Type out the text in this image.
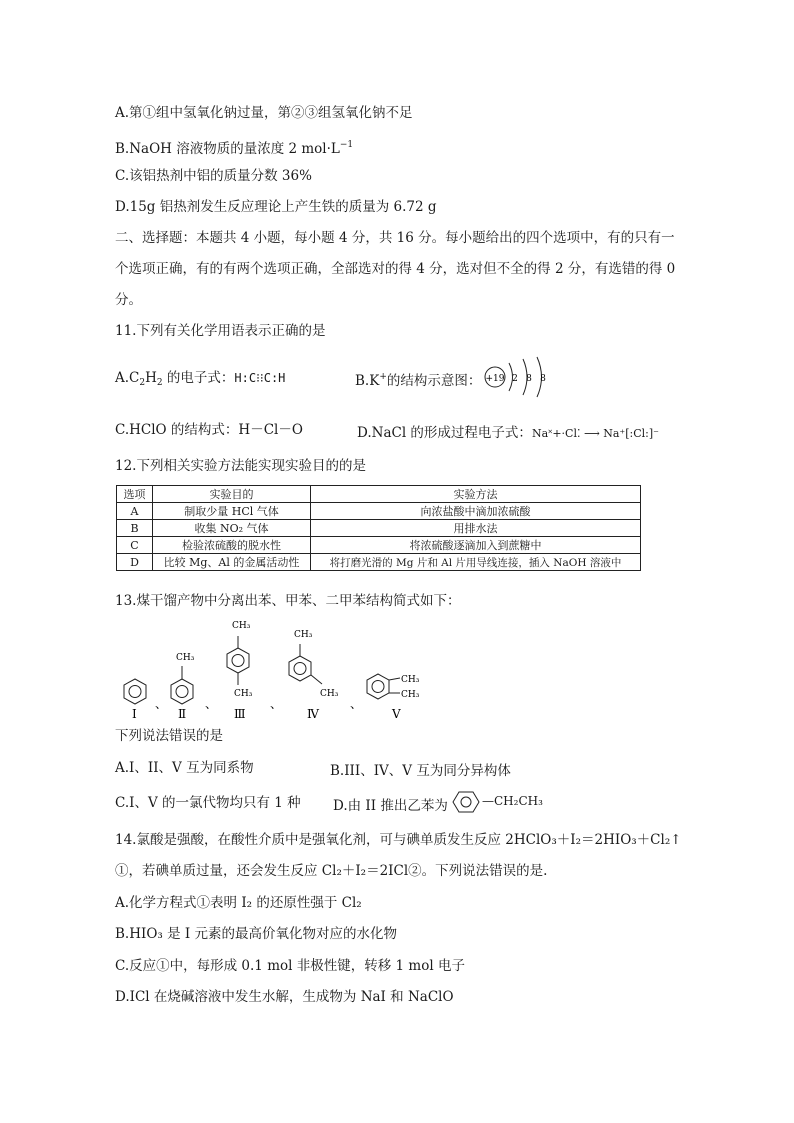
A.第①组中氢氧化钠过量，第②③组氢氧化钠不足
B.NaOH 溶液物质的量浓度 2 $mol\cdot L^{-1}$
C.该铝热剂中铝的质量分数 36%
D.15g 铝热剂发生反应理论上产生铁的质量为 6.72 g
二、选择题：本题共 4 小题，每小题 4 分，共 16 分。每小题给出的四个选项中，有的只有一
个选项正确，有的有两个选项正确，全部选对的得 4 分，选对但不全的得 2 分，有选错的得 0
分。
11.下列有关化学用语表示正确的是
$A.C_2H_2$ 的电子式：H:C⁝⁝C:H	B.K+的结构示意图： +19 2 8 8
C.HClO 的结构式：H－Cl－O	D.NaCl 的形成过程电子式：Na˟+·Cl⁚ ⟶ Na⁺[:Cl:]⁻
12.下列相关实验方法能实现实验目的的是
选项	实验目的	实验方法
A	制取少量 HCl 气体	向浓盐酸中滴加浓硫酸
B	收集 NO₂ 气体	用排水法
C	检验浓硫酸的脱水性	将浓硫酸逐滴加入到蔗糖中
D	比较 Mg、Al 的金属活动性	将打磨光滑的 Mg 片和 Al 片用导线连接，插入 NaOH 溶液中
13.煤干馏产物中分离出苯、甲苯、二甲苯结构简式如下：
Ⅰ
、
CH₃
Ⅱ
、
CH₃
CH₃
Ⅲ
、
CH₃
CH₃
Ⅳ
、
CH₃
CH₃
Ⅴ
下列说法错误的是
A.I、II、V 互为同系物	B.III、IV、V 互为同分异构体
C.I、V 的一氯代物均只有 1 种 D.由 II 推出乙苯为	—CH₂CH₃
14.氯酸是强酸，在酸性介质中是强氧化剂，可与碘单质发生反应 2HClO₃＋I₂＝2HIO₃＋Cl₂↑
①，若碘单质过量，还会发生反应 Cl₂＋I₂＝2ICl②。下列说法错误的是.
A.化学方程式①表明 I₂ 的还原性强于 Cl₂
B.HIO₃ 是 I 元素的最高价氧化物对应的水化物
C.反应①中，每形成 0.1 mol 非极性键，转移 1 mol 电子
D.ICl 在烧碱溶液中发生水解，生成物为 NaI 和 NaClO
